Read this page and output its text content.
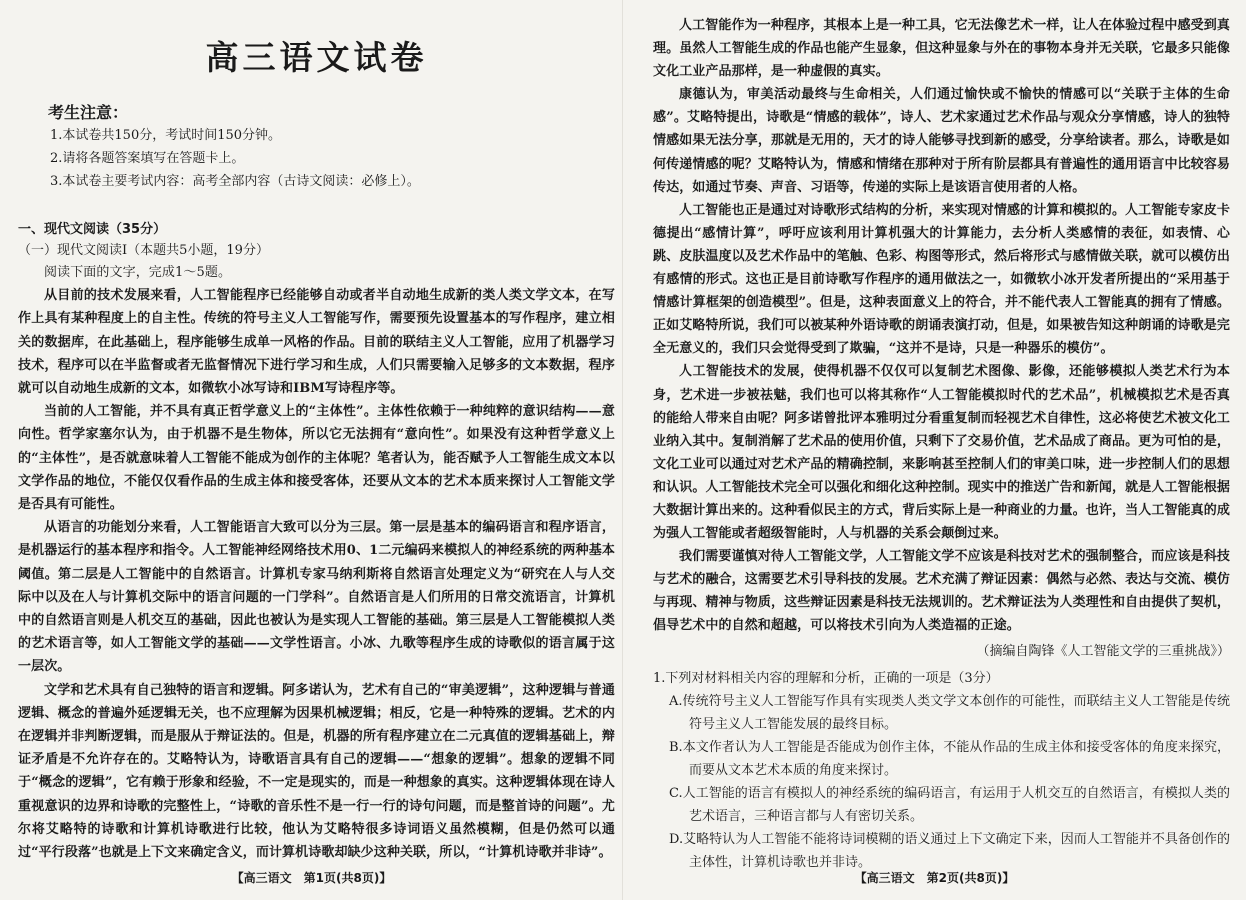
高三语文试卷
考生注意：
1.本试卷共150分，考试时间150分钟。
2.请将各题答案填写在答题卡上。
3.本试卷主要考试内容：高考全部内容（古诗文阅读：必修上）。
一、现代文阅读（35分）
（一）现代文阅读Ⅰ（本题共5小题，19分）

阅读下面的文字，完成1～5题。

从目前的技术发展来看，人工智能程序已经能够自动或者半自动地生成新的类人类文学文本，在写作上具有某种程度上的自主性。传统的符号主义人工智能写作，需要预先设置基本的写作程序，建立相关的数据库，在此基础上，程序能够生成单一风格的作品。目前的联结主义人工智能，应用了机器学习技术，程序可以在半监督或者无监督情况下进行学习和生成，人们只需要输入足够多的文本数据，程序就可以自动地生成新的文本，如微软小冰写诗和IBM写诗程序等。

当前的人工智能，并不具有真正哲学意义上的“主体性”。主体性依赖于一种纯粹的意识结构——意向性。哲学家塞尔认为，由于机器不是生物体，所以它无法拥有“意向性”。如果没有这种哲学意义上的“主体性”，是否就意味着人工智能不能成为创作的主体呢？笔者认为，能否赋予人工智能生成文本以文学作品的地位，不能仅仅看作品的生成主体和接受客体，还要从文本的艺术本质来探讨人工智能文学是否具有可能性。

从语言的功能划分来看，人工智能语言大致可以分为三层。第一层是基本的编码语言和程序语言，是机器运行的基本程序和指令。人工智能神经网络技术用0、1二元编码来模拟人的神经系统的两种基本阈值。第二层是人工智能中的自然语言。计算机专家马纳利斯将自然语言处理定义为“研究在人与人交际中以及在人与计算机交际中的语言问题的一门学科”。自然语言是人们所用的日常交流语言，计算机中的自然语言则是人机交互的基础，因此也被认为是实现人工智能的基础。第三层是人工智能模拟人类的艺术语言等，如人工智能文学的基础——文学性语言。小冰、九歌等程序生成的诗歌似的语言属于这一层次。

文学和艺术具有自己独特的语言和逻辑。阿多诺认为，艺术有自己的“审美逻辑”，这种逻辑与普通逻辑、概念的普遍外延逻辑无关，也不应理解为因果机械逻辑；相反，它是一种特殊的逻辑。艺术的内在逻辑并非判断逻辑，而是服从于辩证法的。但是，机器的所有程序建立在二元真值的逻辑基础上，辩证矛盾是不允许存在的。艾略特认为，诗歌语言具有自己的逻辑——“想象的逻辑”。想象的逻辑不同于“概念的逻辑”，它有赖于形象和经验，不一定是现实的，而是一种想象的真实。这种逻辑体现在诗人重视意识的边界和诗歌的完整性上，“诗歌的音乐性不是一行一行的诗句问题，而是整首诗的问题”。尤尔将艾略特的诗歌和计算机诗歌进行比较，他认为艾略特很多诗词语义虽然模糊，但是仍然可以通过“平行段落”也就是上下文来确定含义，而计算机诗歌却缺少这种关联，所以，“计算机诗歌并非诗”。

【高三语文　第1页(共8页)】

人工智能作为一种程序，其根本上是一种工具，它无法像艺术一样，让人在体验过程中感受到真理。虽然人工智能生成的作品也能产生显象，但这种显象与外在的事物本身并无关联，它最多只能像文化工业产品那样，是一种虚假的真实。

康德认为，审美活动最终与生命相关，人们通过愉快或不愉快的情感可以“关联于主体的生命感”。艾略特提出，诗歌是“情感的载体”，诗人、艺术家通过艺术作品与观众分享情感，诗人的独特情感如果无法分享，那就是无用的，天才的诗人能够寻找到新的感受，分享给读者。那么，诗歌是如何传递情感的呢？艾略特认为，情感和情绪在那种对于所有阶层都具有普遍性的通用语言中比较容易传达，如通过节奏、声音、习语等，传递的实际上是该语言使用者的人格。

人工智能也正是通过对诗歌形式结构的分析，来实现对情感的计算和模拟的。人工智能专家皮卡德提出“感情计算”，呼吁应该利用计算机强大的计算能力，去分析人类感情的表征，如表情、心跳、皮肤温度以及艺术作品中的笔触、色彩、构图等形式，然后将形式与感情做关联，就可以模仿出有感情的形式。这也正是目前诗歌写作程序的通用做法之一，如微软小冰开发者所提出的“采用基于情感计算框架的创造模型”。但是，这种表面意义上的符合，并不能代表人工智能真的拥有了情感。正如艾略特所说，我们可以被某种外语诗歌的朗诵表演打动，但是，如果被告知这种朗诵的诗歌是完全无意义的，我们只会觉得受到了欺骗，“这并不是诗，只是一种器乐的模仿”。

人工智能技术的发展，使得机器不仅仅可以复制艺术图像、影像，还能够模拟人类艺术行为本身，艺术进一步被祛魅，我们也可以将其称作“人工智能模拟时代的艺术品”，机械模拟艺术是否真的能给人带来自由呢？阿多诺曾批评本雅明过分看重复制而轻视艺术自律性，这必将使艺术被文化工业纳入其中。复制消解了艺术品的使用价值，只剩下了交易价值，艺术品成了商品。更为可怕的是，文化工业可以通过对艺术产品的精确控制，来影响甚至控制人们的审美口味，进一步控制人们的思想和认识。人工智能技术完全可以强化和细化这种控制。现实中的推送广告和新闻，就是人工智能根据大数据计算出来的。这种看似民主的方式，背后实际上是一种商业的力量。也许，当人工智能真的成为强人工智能或者超级智能时，人与机器的关系会颠倒过来。

我们需要谨慎对待人工智能文学，人工智能文学不应该是科技对艺术的强制整合，而应该是科技与艺术的融合，这需要艺术引导科技的发展。艺术充满了辩证因素：偶然与必然、表达与交流、模仿与再现、精神与物质，这些辩证因素是科技无法规训的。艺术辩证法为人类理性和自由提供了契机，倡导艺术中的自然和超越，可以将技术引向为人类造福的正途。

（摘编自陶锋《人工智能文学的三重挑战》）
1.下列对材料相关内容的理解和分析，正确的一项是（3分）

A.传统符号主义人工智能写作具有实现类人类文学文本创作的可能性，而联结主义人工智能是传统符号主义人工智能发展的最终目标。

B.本文作者认为人工智能是否能成为创作主体，不能从作品的生成主体和接受客体的角度来探究，而要从文本艺术本质的角度来探讨。

C.人工智能的语言有模拟人的神经系统的编码语言，有运用于人机交互的自然语言，有模拟人类的艺术语言，三种语言都与人有密切关系。

D.艾略特认为人工智能不能将诗词模糊的语义通过上下文确定下来，因而人工智能并不具备创作的主体性，计算机诗歌也并非诗。

【高三语文　第2页(共8页)】
